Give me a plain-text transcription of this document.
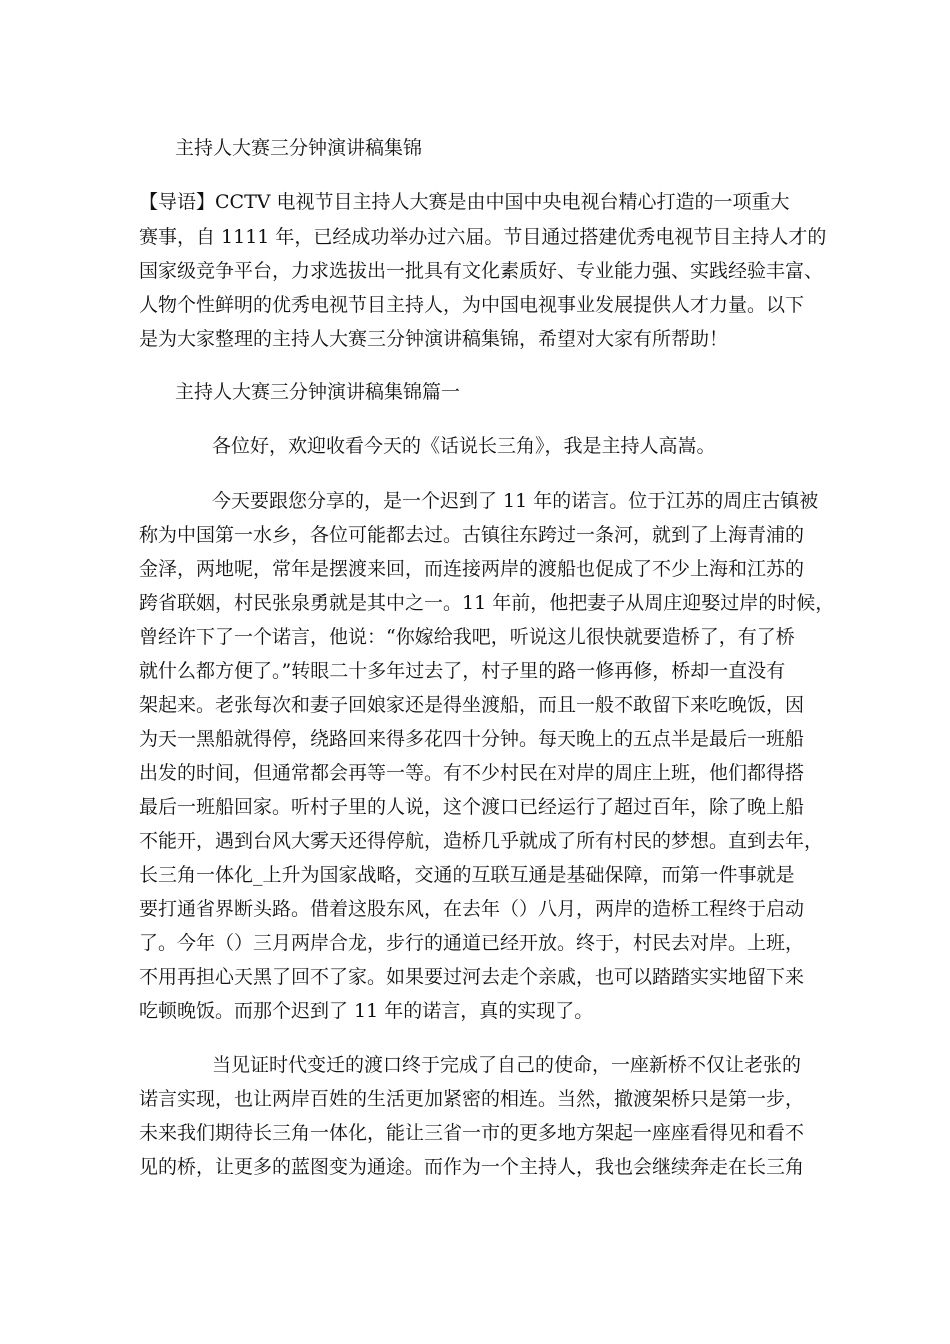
主持人大赛三分钟演讲稿集锦

【导语】CCTV 电视节目主持人大赛是由中国中央电视台精心打造的一项重大

赛事，自 1111 年，已经成功举办过六届。节目通过搭建优秀电视节目主持人才的

国家级竞争平台，力求选拔出一批具有文化素质好、专业能力强、实践经验丰富、

人物个性鲜明的优秀电视节目主持人，为中国电视事业发展提供人才力量。以下

是为大家整理的主持人大赛三分钟演讲稿集锦，希望对大家有所帮助！

主持人大赛三分钟演讲稿集锦篇一

各位好，欢迎收看今天的《话说长三角》，我是主持人高嵩。

今天要跟您分享的，是一个迟到了 11 年的诺言。位于江苏的周庄古镇被

称为中国第一水乡，各位可能都去过。古镇往东跨过一条河，就到了上海青浦的

金泽，两地呢，常年是摆渡来回，而连接两岸的渡船也促成了不少上海和江苏的

跨省联姻，村民张泉勇就是其中之一。11 年前，他把妻子从周庄迎娶过岸的时候，

曾经许下了一个诺言，他说：“你嫁给我吧，听说这儿很快就要造桥了，有了桥

就什么都方便了。”转眼二十多年过去了，村子里的路一修再修，桥却一直没有

架起来。老张每次和妻子回娘家还是得坐渡船，而且一般不敢留下来吃晚饭，因

为天一黑船就得停，绕路回来得多花四十分钟。每天晚上的五点半是最后一班船

出发的时间，但通常都会再等一等。有不少村民在对岸的周庄上班，他们都得搭

最后一班船回家。听村子里的人说，这个渡口已经运行了超过百年，除了晚上船

不能开，遇到台风大雾天还得停航，造桥几乎就成了所有村民的梦想。直到去年，

长三角一体化_上升为国家战略，交通的互联互通是基础保障，而第一件事就是

要打通省界断头路。借着这股东风，在去年（）八月，两岸的造桥工程终于启动

了。今年（）三月两岸合龙，步行的通道已经开放。终于，村民去对岸。上班，

不用再担心天黑了回不了家。如果要过河去走个亲戚，也可以踏踏实实地留下来

吃顿晚饭。而那个迟到了 11 年的诺言，真的实现了。

当见证时代变迁的渡口终于完成了自己的使命，一座新桥不仅让老张的

诺言实现，也让两岸百姓的生活更加紧密的相连。当然，撤渡架桥只是第一步，

未来我们期待长三角一体化，能让三省一市的更多地方架起一座座看得见和看不

见的桥，让更多的蓝图变为通途。而作为一个主持人，我也会继续奔走在长三角
